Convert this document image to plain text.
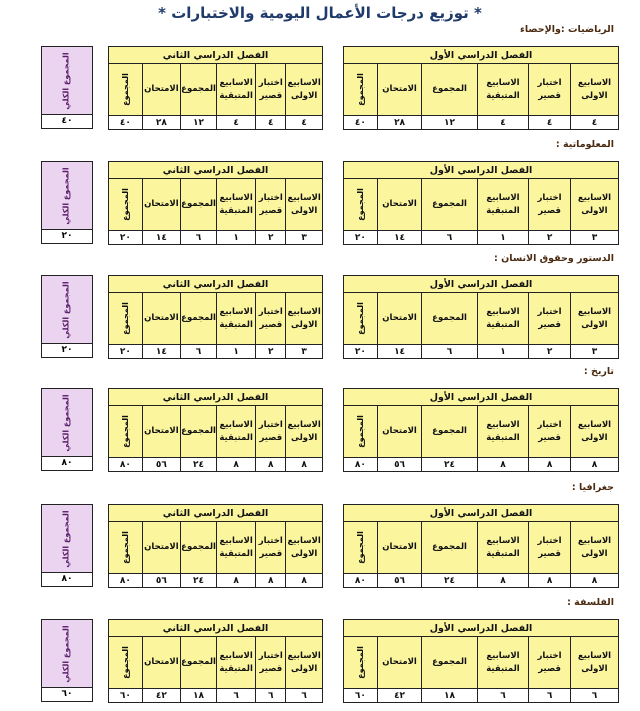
* توزيع درجات الأعمال اليومية والاختبارات *
الرياضيات :والإحصاء
الفصل الدراسي الأول					
المجموع	الامتحان	المجموع	الاسابيع المتبقية	اختبار قصير	الاسابيع الاولى
٤٠	٢٨	١٢	٤	٤	٤
الفصل الدراسي الثاني					
المجموع	الامتحان	المجموع	الاسابيع المتبقية	اختبار قصير	الاسابيع الاولى
٤٠	٢٨	١٢	٤	٤	٤
المجموع الكلي
٤٠
المعلوماتية :
الفصل الدراسي الأول					
المجموع	الامتحان	المجموع	الاسابيع المتبقية	اختبار قصير	الاسابيع الاولى
٢٠	١٤	٦	١	٢	٣
الفصل الدراسي الثاني					
المجموع	الامتحان	المجموع	الاسابيع المتبقية	اختبار قصير	الاسابيع الاولى
٢٠	١٤	٦	١	٢	٣
المجموع الكلي
٢٠
الدستور وحقوق الانسان :
الفصل الدراسي الأول					
المجموع	الامتحان	المجموع	الاسابيع المتبقية	اختبار قصير	الاسابيع الاولى
٢٠	١٤	٦	١	٢	٣
الفصل الدراسي الثاني					
المجموع	الامتحان	المجموع	الاسابيع المتبقية	اختبار قصير	الاسابيع الاولى
٢٠	١٤	٦	١	٢	٣
المجموع الكلي
٢٠
تاريخ :
الفصل الدراسي الأول					
المجموع	الامتحان	المجموع	الاسابيع المتبقية	اختبار قصير	الاسابيع الاولى
٨٠	٥٦	٢٤	٨	٨	٨
الفصل الدراسي الثاني					
المجموع	الامتحان	المجموع	الاسابيع المتبقية	اختبار قصير	الاسابيع الاولى
٨٠	٥٦	٢٤	٨	٨	٨
المجموع الكلي
٨٠
جغرافيا :
الفصل الدراسي الأول					
المجموع	الامتحان	المجموع	الاسابيع المتبقية	اختبار قصير	الاسابيع الاولى
٨٠	٥٦	٢٤	٨	٨	٨
الفصل الدراسي الثاني					
المجموع	الامتحان	المجموع	الاسابيع المتبقية	اختبار قصير	الاسابيع الاولى
٨٠	٥٦	٢٤	٨	٨	٨
المجموع الكلي
٨٠
الفلسفة :
الفصل الدراسي الأول					
المجموع	الامتحان	المجموع	الاسابيع المتبقية	اختبار قصير	الاسابيع الاولى
٦٠	٤٢	١٨	٦	٦	٦
الفصل الدراسي الثاني					
المجموع	الامتحان	المجموع	الاسابيع المتبقية	اختبار قصير	الاسابيع الاولى
٦٠	٤٢	١٨	٦	٦	٦
المجموع الكلي
٦٠
